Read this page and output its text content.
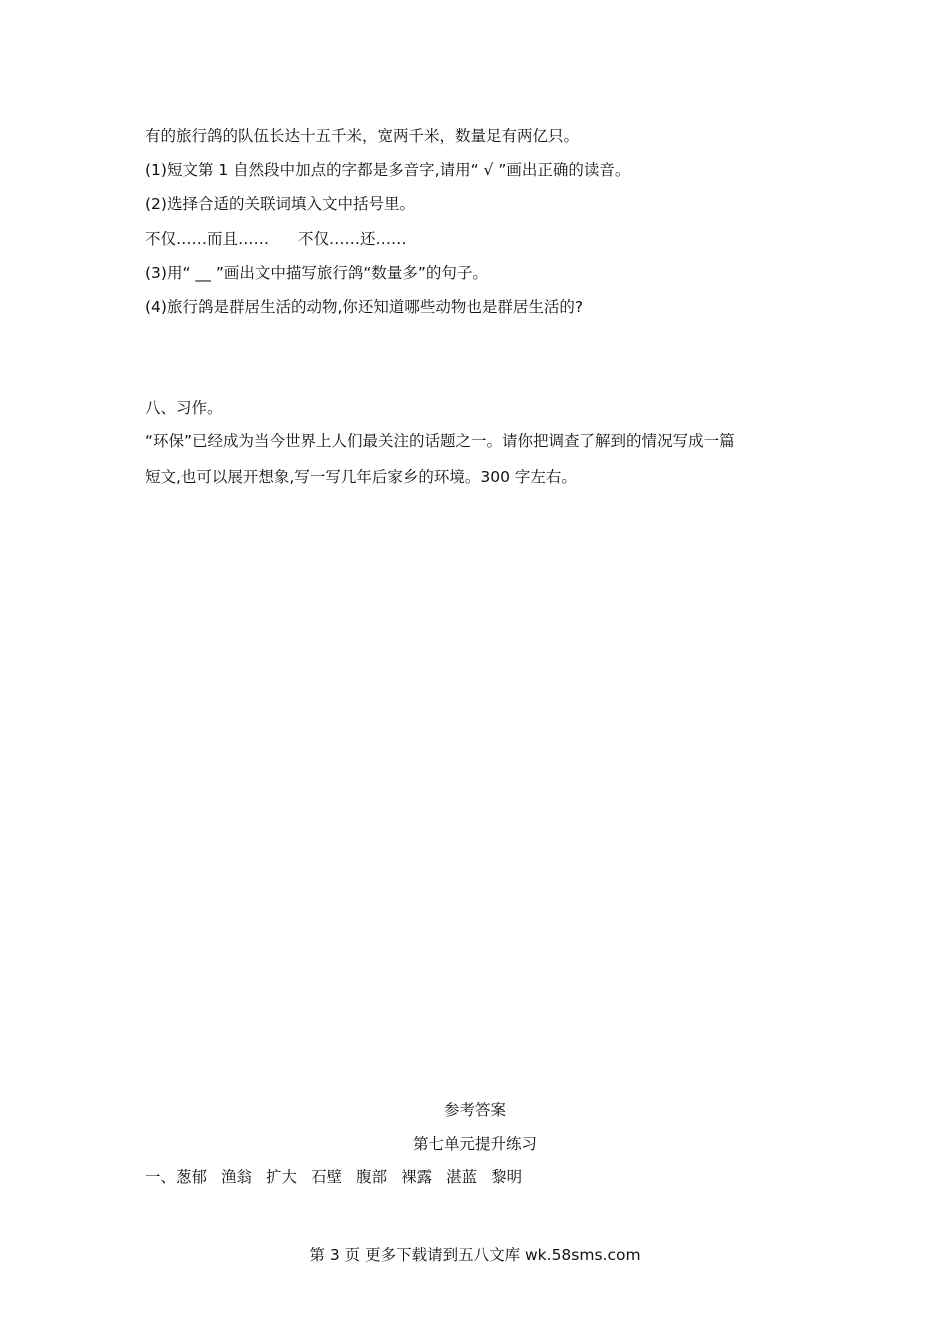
有的旅行鸽的队伍长达十五千米，宽两千米，数量足有两亿只。
(1)短文第 1 自然段中加点的字都是多音字,请用“ √ ”画出正确的读音。
(2)选择合适的关联词填入文中括号里。
不仅……而且…… 不仅……还……
(3)用“ __ ”画出文中描写旅行鸽“数量多”的句子。
(4)旅行鸽是群居生活的动物,你还知道哪些动物也是群居生活的?
八、习作。
“环保”已经成为当今世界上人们最关注的话题之一。请你把调查了解到的情况写成一篇
短文,也可以展开想象,写一写几年后家乡的环境。300 字左右。
参考答案
第七单元提升练习
一、葱郁 渔翁 扩大 石壁 腹部 裸露 湛蓝 黎明
第 3 页 更多下载请到五八文库 wk.58sms.com
